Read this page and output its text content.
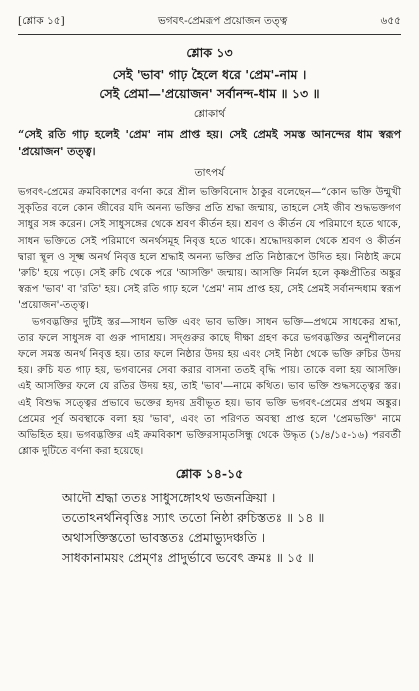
[শ্লোক ১৫]	ভগবৎ-প্রেমরূপ প্রয়োজন তত্ত্ব	৬৫৫
শ্লোক ১৩
সেই 'ভাব' গাঢ় হৈলে ধরে 'প্রেম'-নাম ।
সেই প্রেমা—'প্রয়োজন' সর্বানন্দ-ধাম ॥ ১৩ ॥
শ্লোকার্থ
“সেই রতি গাঢ় হলেই 'প্রেম' নাম প্রাপ্ত হয়। সেই প্রেমই সমস্ত আনন্দের ধাম স্বরূপ 'প্রয়োজন' তত্ত্ব।
তাৎপর্য

ভগবৎ-প্রেমের ক্রমবিকাশের বর্ণনা করে শ্রীল ভক্তিবিনোদ ঠাকুর বলেছেন—“কোন ভক্তি উন্মুখী সুকৃতির বলে কোন জীবের যদি অনন্য ভক্তির প্রতি শ্রদ্ধা জন্মায়, তাহলে সেই জীব শুদ্ধভক্তগণ সাধুর সঙ্গ করেন। সেই সাধুসঙ্গের থেকে শ্রবণ কীর্তন হয়। শ্রবণ ও কীর্তন যে পরিমাণে হতে থাকে, সাধন ভক্তিতে সেই পরিমাণে অনর্থসমূহ নিবৃত্ত হতে থাকে। শ্রদ্ধোদয়কাল থেকে শ্রবণ ও কীর্তন দ্বারা স্থূল ও সূক্ষ্ম অনর্থ নিবৃত্ত হলে শ্রদ্ধাই অনন্য ভক্তির প্রতি নিষ্ঠারূপে উদিত হয়। নিষ্ঠাই ক্রমে 'রুচি' হয়ে পড়ে। সেই রুচি থেকে পরে 'আসক্তি' জন্মায়। আসক্তি নির্মল হলে কৃষ্ণপ্রীতির অঙ্কুর স্বরূপ 'ভাব' বা 'রতি' হয়। সেই রতি গাঢ় হলে 'প্রেম' নাম প্রাপ্ত হয়, সেই প্রেমই সর্বানন্দধাম স্বরূপ 'প্রয়োজন'-তত্ত্ব।

ভগবদ্ভক্তির দুটিই স্তর—সাধন ভক্তি এবং ভাব ভক্তি। সাধন ভক্তি—প্রথমে সাধকের শ্রদ্ধা, তার ফলে সাধুসঙ্গ বা গুরু পাদাশ্রয়। সদ্গুরুর কাছে দীক্ষা গ্রহণ করে ভগবদ্ভক্তির অনুশীলনের ফলে সমস্ত অনর্থ নিবৃত্ত হয়। তার ফলে নিষ্ঠার উদয় হয় এবং সেই নিষ্ঠা থেকে ভক্তি রুচির উদয় হয়। রুচি যত গাঢ় হয়, ভগবানের সেবা করার বাসনা ততই বৃদ্ধি পায়। তাকে বলা হয় আসক্তি। এই আসক্তির ফলে যে রতির উদয় হয়, তাই 'ভাব'—নামে কথিত। ভাব ভক্তি শুদ্ধসত্ত্বের স্তর। এই বিশুদ্ধ সত্ত্বের প্রভাবে ভক্তের হৃদয় দ্রবীভূত হয়। ভাব ভক্তি ভগবৎ-প্রেমের প্রথম অঙ্কুর। প্রেমের পূর্ব অবস্থাকে বলা হয় 'ভাব', এবং তা পরিণত অবস্থা প্রাপ্ত হলে 'প্রেমভক্তি' নামে অভিহিত হয়। ভগবদ্ভক্তির এই ক্রমবিকাশ ভক্তিরসামৃতসিন্ধু থেকে উদ্ধৃত (১/৪/১৫-১৬) পরবর্তী শ্লোক দুটিতে বর্ণনা করা হয়েছে।

শ্লোক ১৪-১৫
আদৌ শ্রদ্ধা ততঃ সাধুসঙ্গোঽথ ভজনক্রিয়া ।
ততোঽনর্থনিবৃত্তিঃ স্যাৎ ততো নিষ্ঠা রুচিস্ততঃ ॥ ১৪ ॥
অথাসক্তিস্ততো ভাবস্ততঃ প্রেমাভ্যুদঞ্চতি ।
সাধকানাময়ং প্রেম্ণঃ প্রাদুর্ভাবে ভবেৎ ক্রমঃ ॥ ১৫ ॥
